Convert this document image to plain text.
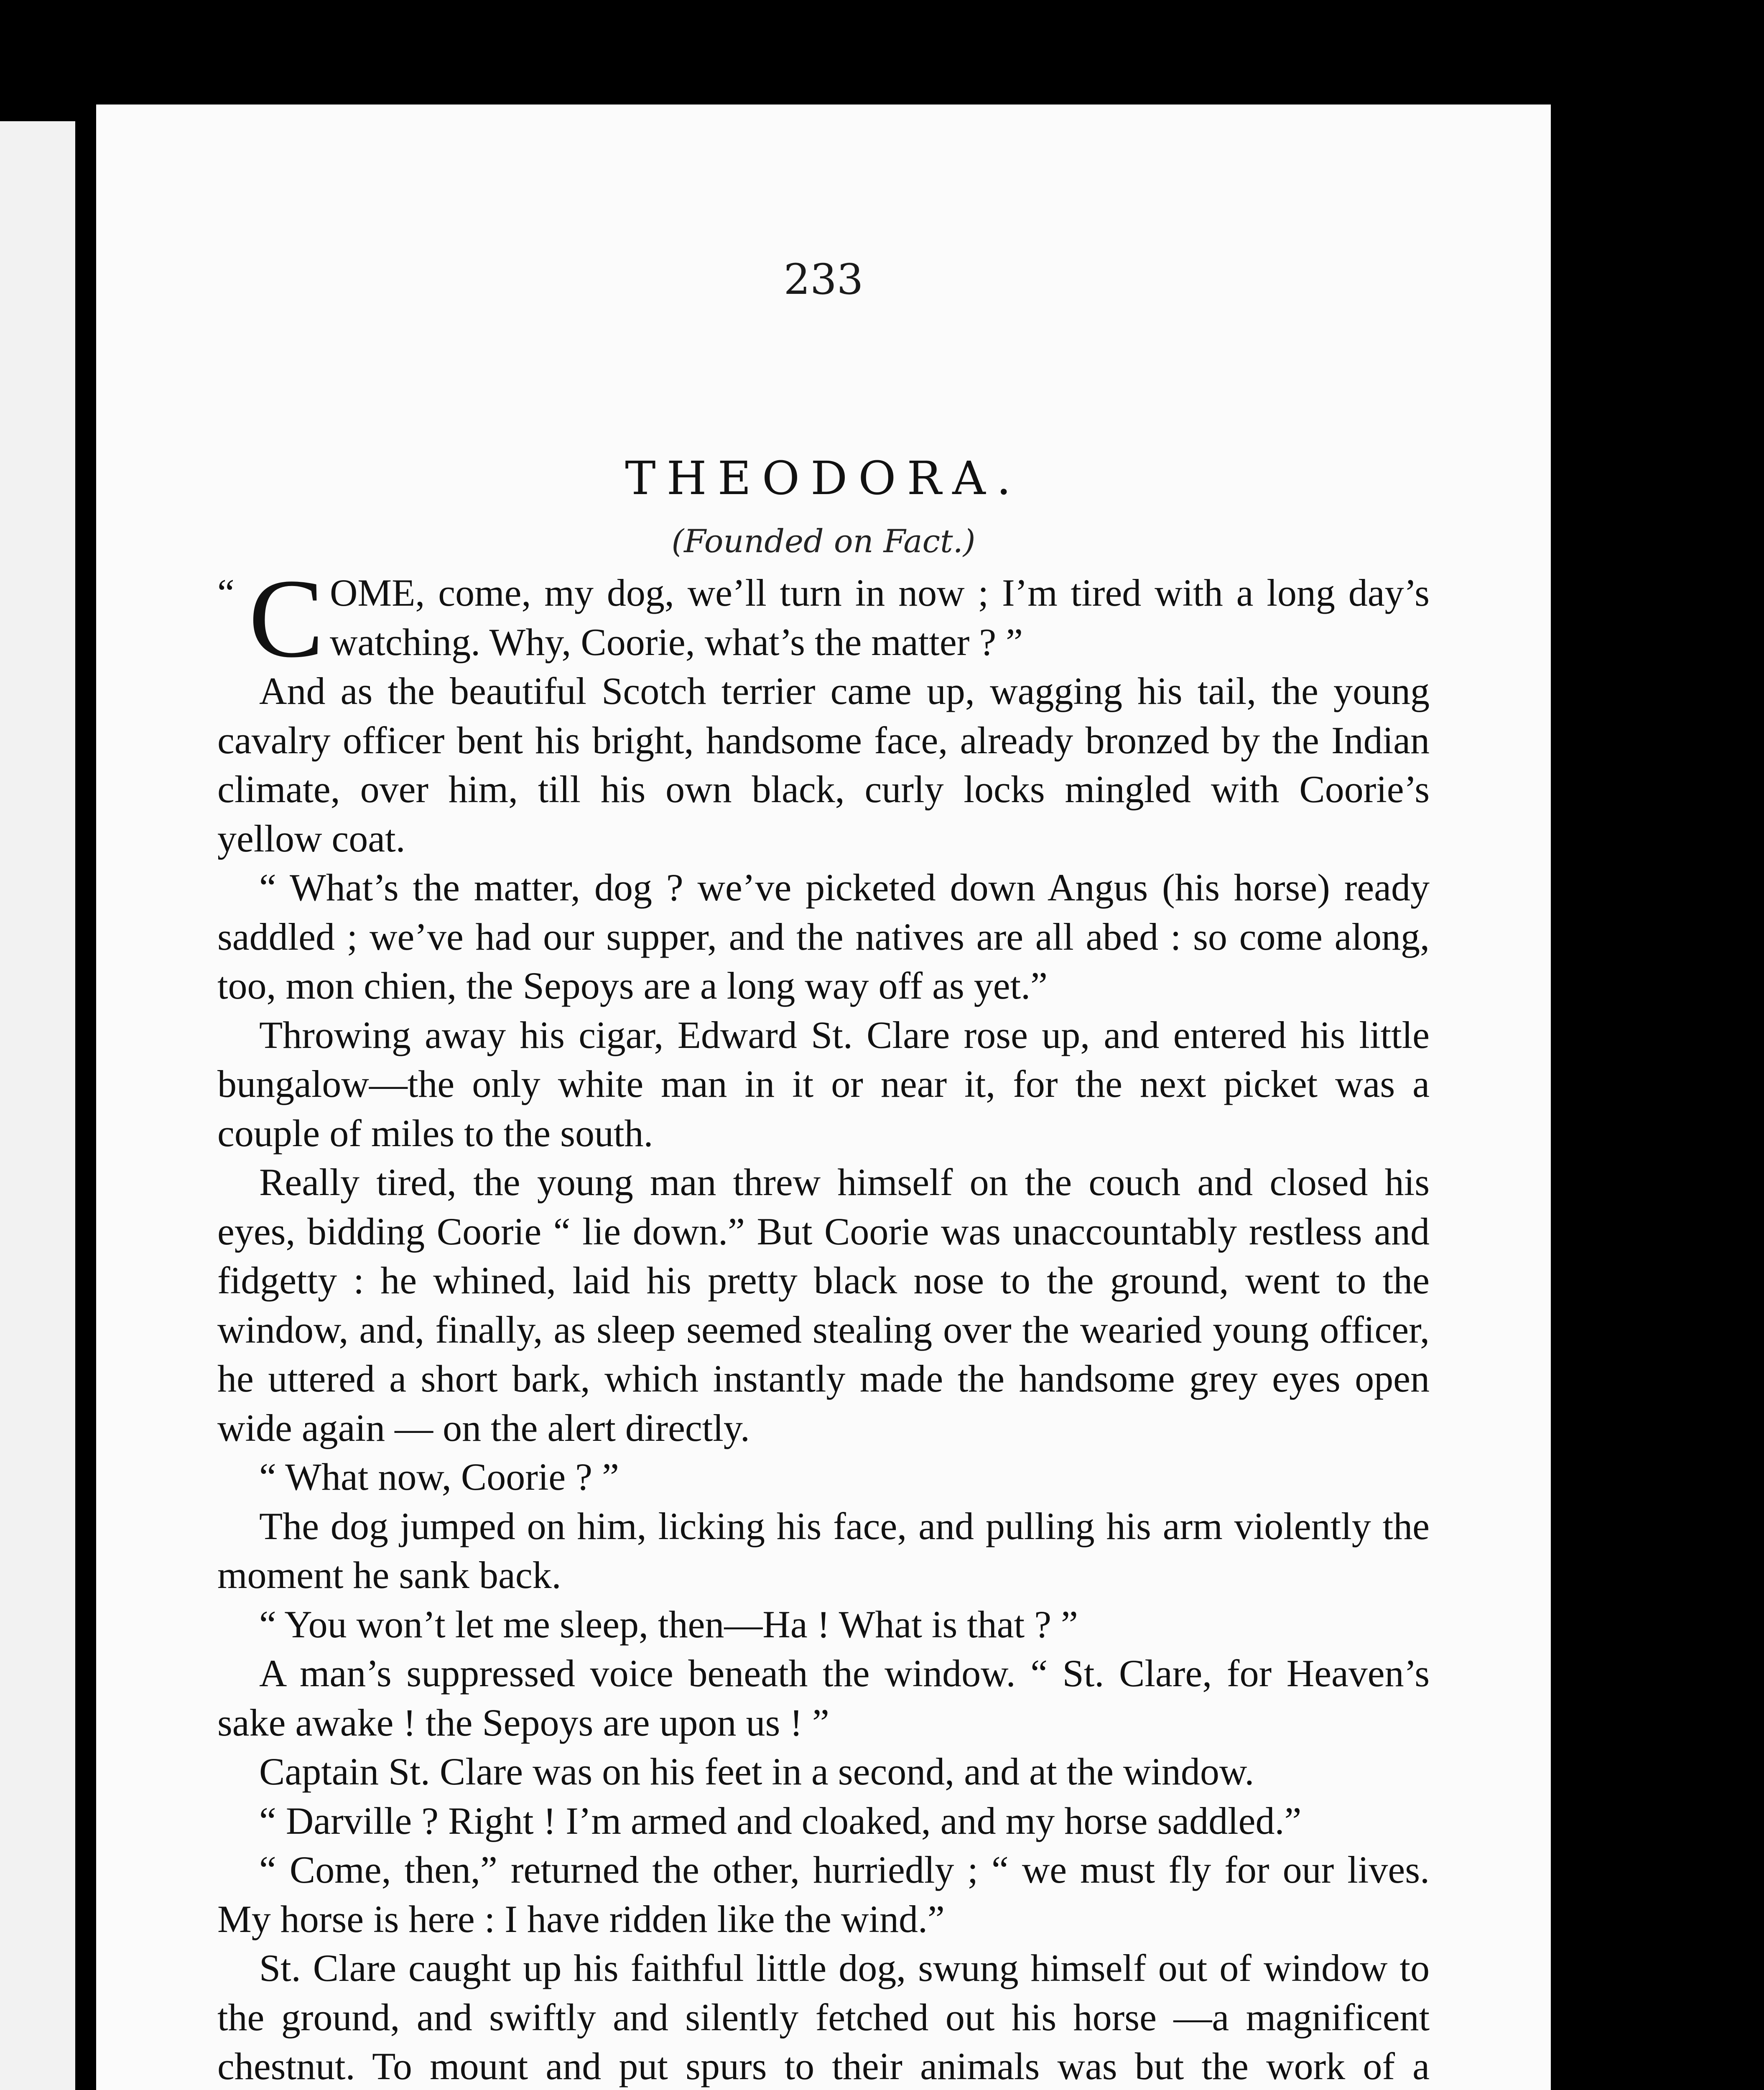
233
THEODORA.
(Founded on Fact.)

“ C OME, come, my dog, we’ll turn in now ; I’m tired with a long day’s watching. Why, Coorie, what’s the matter ? ”

And as the beautiful Scotch terrier came up, wagging his tail, the young cavalry officer bent his bright, handsome face, already bronzed by the Indian climate, over him, till his own black, curly locks mingled with Coorie’s yellow coat.

“ What’s the matter, dog ? we’ve picketed down Angus (his horse) ready saddled ; we’ve had our supper, and the natives are all abed : so come along, too, mon chien, the Sepoys are a long way off as yet.”

Throwing away his cigar, Edward St. Clare rose up, and entered his little bungalow—the only white man in it or near it, for the next picket was a couple of miles to the south.

Really tired, the young man threw himself on the couch and closed his eyes, bidding Coorie “ lie down.” But Coorie was unaccountably restless and fidgetty : he whined, laid his pretty black nose to the ground, went to the window, and, finally, as sleep seemed stealing over the wearied young officer, he uttered a short bark, which instantly made the handsome grey eyes open wide again — on the alert directly.

“ What now, Coorie ? ”

The dog jumped on him, licking his face, and pulling his arm violently the moment he sank back.

“ You won’t let me sleep, then—Ha ! What is that ? ”

A man’s suppressed voice beneath the window. “ St. Clare, for Heaven’s sake awake ! the Sepoys are upon us ! ”

Captain St. Clare was on his feet in a second, and at the window.

“ Darville ? Right ! I’m armed and cloaked, and my horse saddled.”

“ Come, then,” returned the other, hurriedly ; “ we must fly for our lives. My horse is here : I have ridden like the wind.”

St. Clare caught up his faithful little dog, swung himself out of window to the ground, and swiftly and silently fetched out his horse —a magnificent chestnut. To mount and put spurs to their animals was but the work of a
